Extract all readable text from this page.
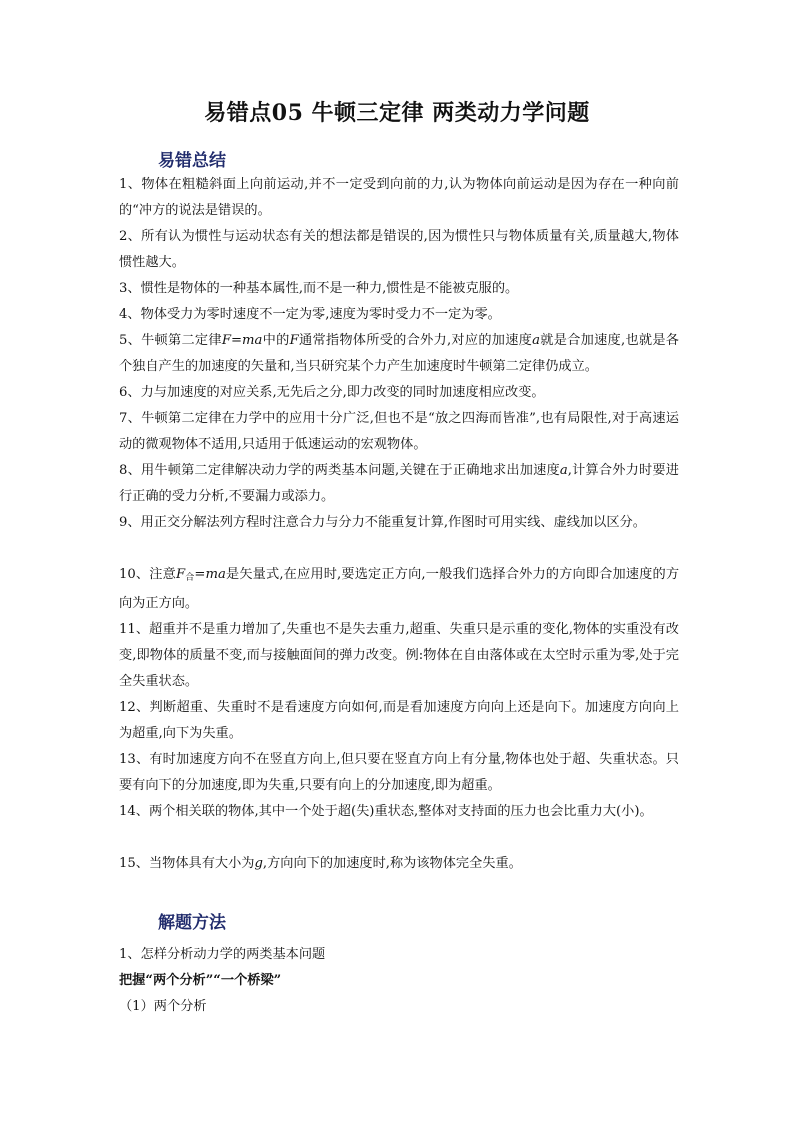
易错点05 牛顿三定律 两类动力学问题
易错总结

1、物体在粗糙斜面上向前运动,并不一定受到向前的力,认为物体向前运动是因为存在一种向前的“冲方的说法是错误的。

2、所有认为惯性与运动状态有关的想法都是错误的,因为惯性只与物体质量有关,质量越大,物体惯性越大。

3、惯性是物体的一种基本属性,而不是一种力,惯性是不能被克服的。

4、物体受力为零时速度不一定为零,速度为零时受力不一定为零。

5、牛顿第二定律F=ma中的F通常指物体所受的合外力,对应的加速度a就是合加速度,也就是各个独自产生的加速度的矢量和,当只研究某个力产生加速度时牛顿第二定律仍成立。

6、力与加速度的对应关系,无先后之分,即力改变的同时加速度相应改变。

7、牛顿第二定律在力学中的应用十分广泛,但也不是“放之四海而皆准”,也有局限性,对于高速运动的微观物体不适用,只适用于低速运动的宏观物体。

8、用牛顿第二定律解决动力学的两类基本问题,关键在于正确地求出加速度a,计算合外力时要进行正确的受力分析,不要漏力或添力。

9、用正交分解法列方程时注意合力与分力不能重复计算,作图时可用实线、虚线加以区分。

10、注意$F_合=ma$是矢量式,在应用时,要选定正方向,一般我们选择合外力的方向即合加速度的方向为正方向。

11、超重并不是重力增加了,失重也不是失去重力,超重、失重只是示重的变化,物体的实重没有改变,即物体的质量不变,而与接触面间的弹力改变。例:物体在自由落体或在太空时示重为零,处于完全失重状态。

12、判断超重、失重时不是看速度方向如何,而是看加速度方向向上还是向下。加速度方向向上为超重,向下为失重。

13、有时加速度方向不在竖直方向上,但只要在竖直方向上有分量,物体也处于超、失重状态。只要有向下的分加速度,即为失重,只要有向上的分加速度,即为超重。

14、两个相关联的物体,其中一个处于超(失)重状态,整体对支持面的压力也会比重力大(小)。

15、当物体具有大小为g,方向向下的加速度时,称为该物体完全失重。

解题方法

1、怎样分析动力学的两类基本问题

把握“两个分析”“一个桥梁”

（1）两个分析
